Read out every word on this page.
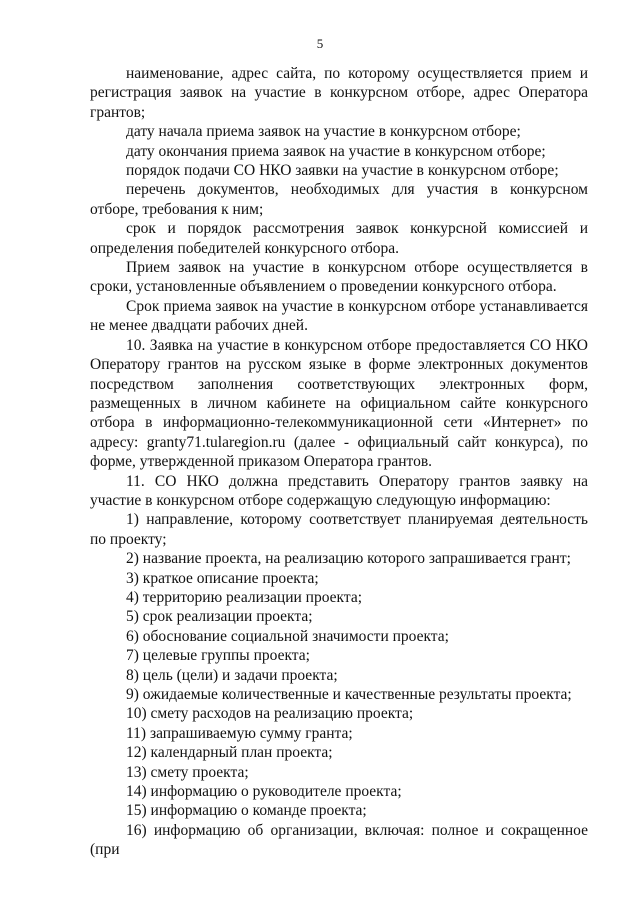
5

наименование, адрес сайта, по которому осуществляется прием и регистрация заявок на участие в конкурсном отборе, адрес Оператора грантов;

дату начала приема заявок на участие в конкурсном отборе;

дату окончания приема заявок на участие в конкурсном отборе;

порядок подачи СО НКО заявки на участие в конкурсном отборе;

перечень документов, необходимых для участия в конкурсном отборе, требования к ним;

срок и порядок рассмотрения заявок конкурсной комиссией и определения победителей конкурсного отбора.

Прием заявок на участие в конкурсном отборе осуществляется в сроки, установленные объявлением о проведении конкурсного отбора.

Срок приема заявок на участие в конкурсном отборе устанавливается не менее двадцати рабочих дней.

10. Заявка на участие в конкурсном отборе предоставляется СО НКО Оператору грантов на русском языке в форме электронных документов посредством заполнения соответствующих электронных форм, размещенных в личном кабинете на официальном сайте конкурсного отбора в информационно-телекоммуникационной сети «Интернет» по адресу: granty71.tularegion.ru (далее - официальный сайт конкурса), по форме, утвержденной приказом Оператора грантов.

11. СО НКО должна представить Оператору грантов заявку на участие в конкурсном отборе содержащую следующую информацию:

1) направление, которому соответствует планируемая деятельность по проекту;

2) название проекта, на реализацию которого запрашивается грант;

3) краткое описание проекта;

4) территорию реализации проекта;

5) срок реализации проекта;

6) обоснование социальной значимости проекта;

7) целевые группы проекта;

8) цель (цели) и задачи проекта;

9) ожидаемые количественные и качественные результаты проекта;

10) смету расходов на реализацию проекта;

11) запрашиваемую сумму гранта;

12) календарный план проекта;

13) смету проекта;

14) информацию о руководителе проекта;

15) информацию о команде проекта;

16) информацию об организации, включая: полное и сокращенное (при
